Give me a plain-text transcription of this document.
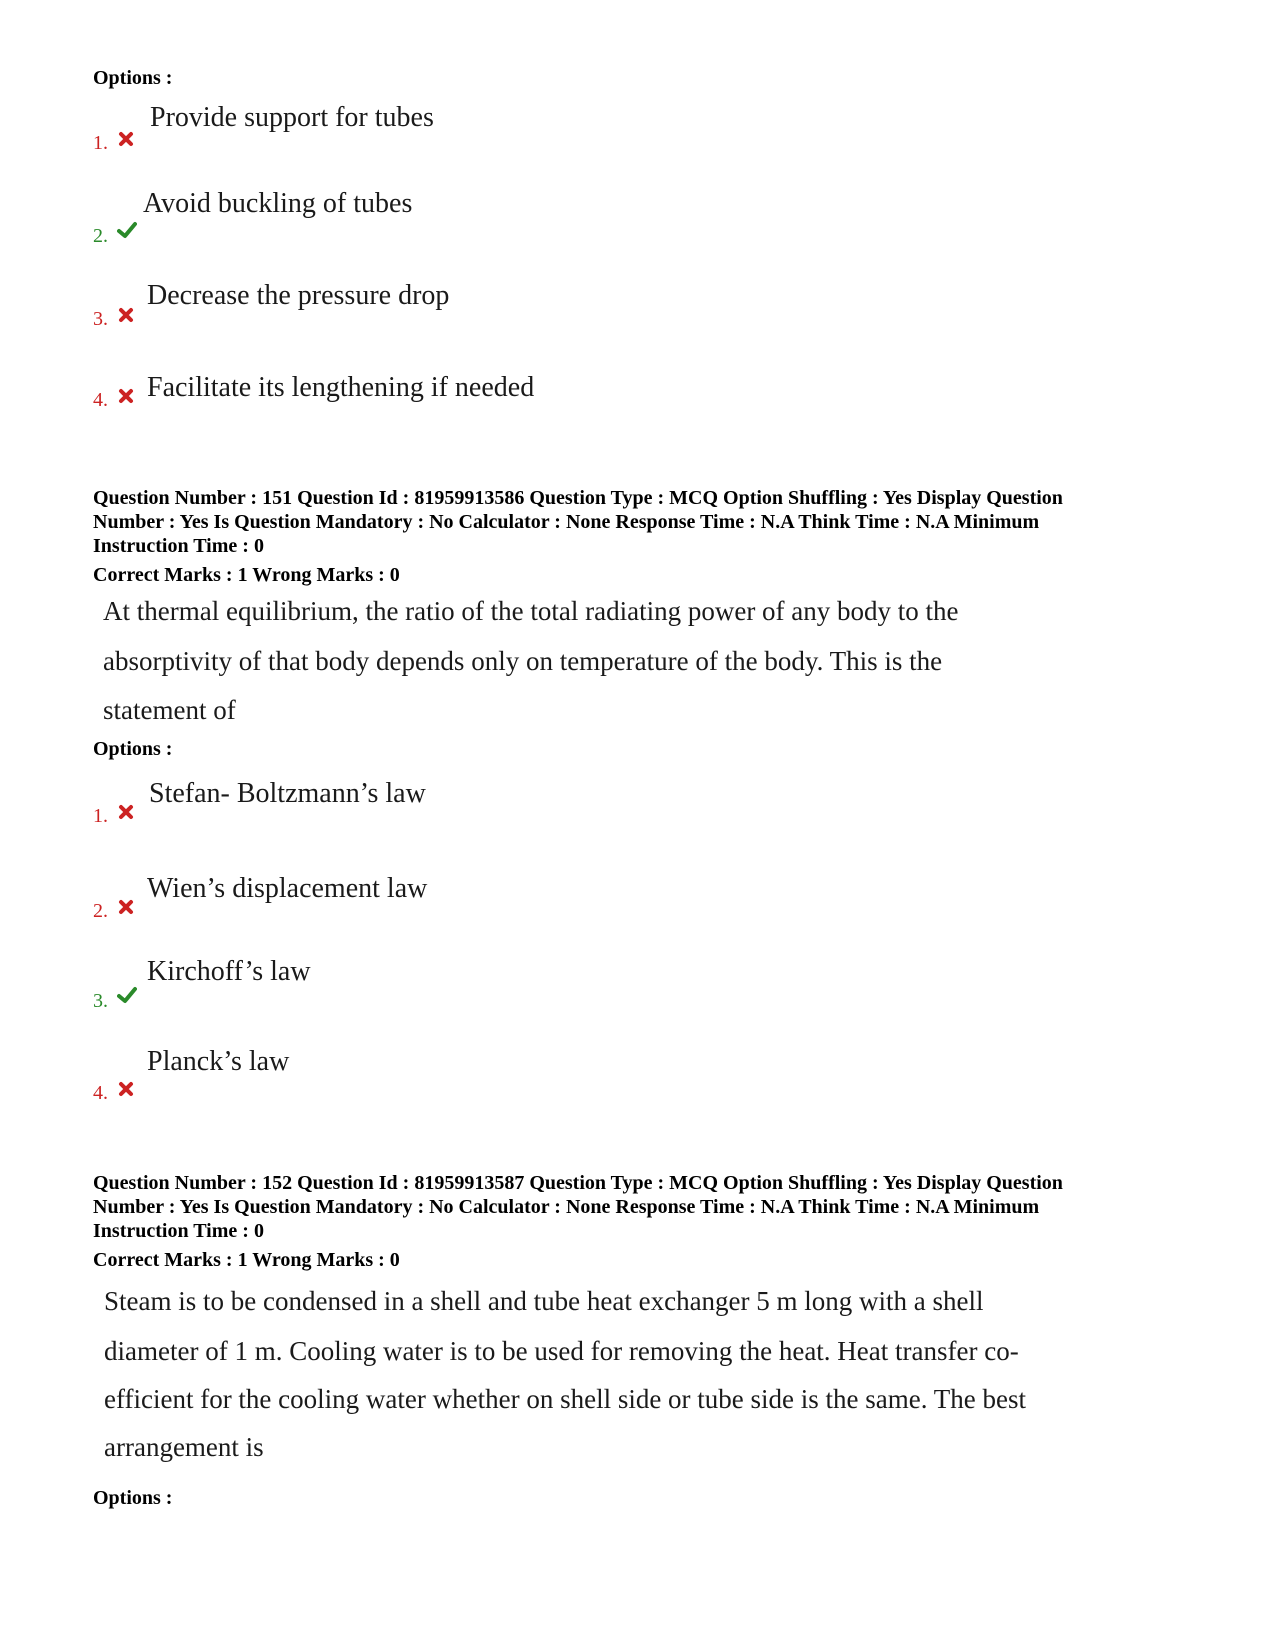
Options :
1.
Provide support for tubes
2.
Avoid buckling of tubes
3.
Decrease the pressure drop
4. Facilitate its lengthening if needed
Question Number : 151 Question Id : 81959913586 Question Type : MCQ Option Shuffling : Yes Display Question
Number : Yes Is Question Mandatory : No Calculator : None Response Time : N.A Think Time : N.A Minimum
Instruction Time : 0
Correct Marks : 1 Wrong Marks : 0
At thermal equilibrium, the ratio of the total radiating power of any body to the
absorptivity of that body depends only on temperature of the body. This is the
statement of
Options :
1.
Stefan- Boltzmann’s law
2.
Wien’s displacement law
3.
Kirchoff’s law
4.
Planck’s law
Question Number : 152 Question Id : 81959913587 Question Type : MCQ Option Shuffling : Yes Display Question
Number : Yes Is Question Mandatory : No Calculator : None Response Time : N.A Think Time : N.A Minimum
Instruction Time : 0
Correct Marks : 1 Wrong Marks : 0
Steam is to be condensed in a shell and tube heat exchanger 5 m long with a shell
diameter of 1 m. Cooling water is to be used for removing the heat. Heat transfer co-
efficient for the cooling water whether on shell side or tube side is the same. The best
arrangement is
Options :
